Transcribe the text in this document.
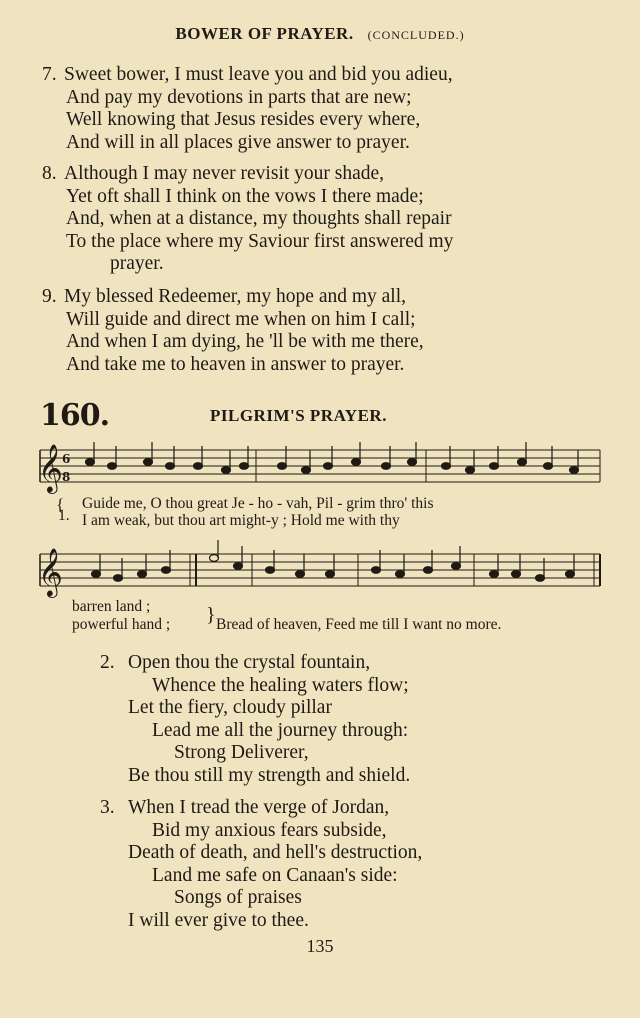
BOWER OF PRAYER. (CONCLUDED.)
7. Sweet bower, I must leave you and bid you adieu,
And pay my devotions in parts that are new;
Well knowing that Jesus resides every where,
And will in all places give answer to prayer.
8. Although I may never revisit your shade,
Yet oft shall I think on the vows I there made;
And, when at a distance, my thoughts shall repair
To the place where my Saviour first answered my
prayer.
9. My blessed Redeemer, my hope and my all,
Will guide and direct me when on him I call;
And when I am dying, he 'll be with me there,
And take me to heaven in answer to prayer.
160.	PILGRIM'S PRAYER.
𝄞 6
8
{
1.
Guide me, O thou great Je - ho - vah, Pil - grim thro' this
I am weak, but thou art might-y ; Hold me with thy
𝄞
barren land ;
powerful hand ; } Bread of heaven, Feed me till I want no more.
2. Open thou the crystal fountain,
Whence the healing waters flow;
Let the fiery, cloudy pillar
Lead me all the journey through:
Strong Deliverer,
Be thou still my strength and shield.
3. When I tread the verge of Jordan,
Bid my anxious fears subside,
Death of death, and hell's destruction,
Land me safe on Canaan's side:
Songs of praises
I will ever give to thee.
135
